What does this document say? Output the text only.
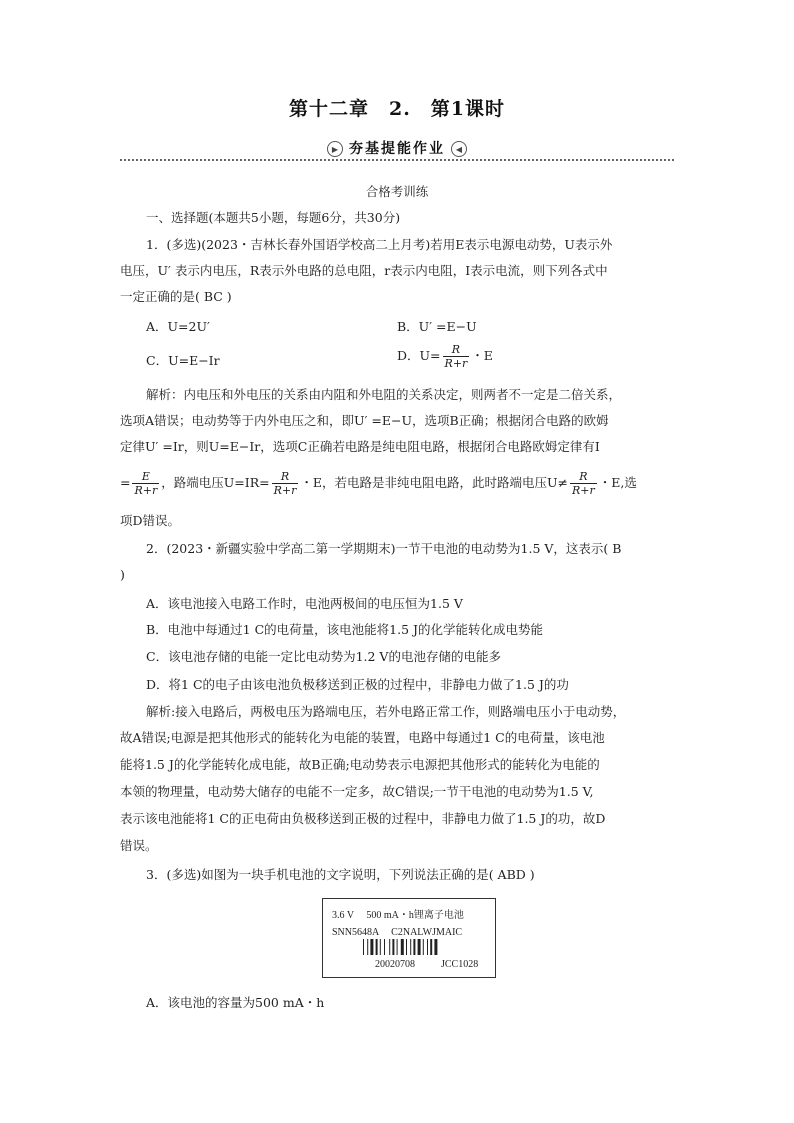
第十二章　2.　第1课时
▶ 夯基提能作业 ◀
合格考训练
一、选择题(本题共5小题，每题6分，共30分)
1．(多选)(2023・吉林长春外国语学校高二上月考)若用E表示电源电动势，U表示外
电压，U′ 表示内电压，R表示外电路的总电阻，r表示内电阻，I表示电流，则下列各式中
一定正确的是( BC )
A．U=2U′	B．U′ =E−U
C．U=E−Ir	D．$U= \frac{R}{R+r}$ ・E
解析：内电压和外电压的关系由内阻和外电阻的关系决定，则两者不一定是二倍关系，
选项A错误；电动势等于内外电压之和，即U′ =E−U，选项B正确；根据闭合电路的欧姆
定律U′ =Ir，则U=E−Ir，选项C正确若电路是纯电阻电路，根据闭合电路欧姆定律有I
= $\frac{E}{R+r}$ ，路端电压$U=IR= \frac{R}{R+r}$ ・E，若电路是非纯电阻电路，此时路端电压$U\ne \frac{R}{R+r}$ ・E,选
项D错误。
2．(2023・新疆实验中学高二第一学期期末)一节干电池的电动势为1.5 V，这表示( B
)
A．该电池接入电路工作时，电池两极间的电压恒为1.5 V
B．电池中每通过1 C的电荷量，该电池能将1.5 J的化学能转化成电势能
C．该电池存储的电能一定比电动势为1.2 V的电池存储的电能多
D．将1 C的电子由该电池负极移送到正极的过程中，非静电力做了1.5 J的功
解析:接入电路后，两极电压为路端电压，若外电路正常工作，则路端电压小于电动势，
故A错误;电源是把其他形式的能转化为电能的装置，电路中每通过1 C的电荷量，该电池
能将1.5 J的化学能转化成电能，故B正确;电动势表示电源把其他形式的能转化为电能的
本领的物理量，电动势大储存的电能不一定多，故C错误;一节干电池的电动势为1.5 V,
表示该电池能将1 C的正电荷由负极移送到正极的过程中，非静电力做了1.5 J的功，故D
错误。
3．(多选)如图为一块手机电池的文字说明，下列说法正确的是( ABD )
3.6 V　 500 mA・h锂离子电池
SNN5648A　 C2NALWJMAIC
20020708	JCC1028
A．该电池的容量为500 mA・h
